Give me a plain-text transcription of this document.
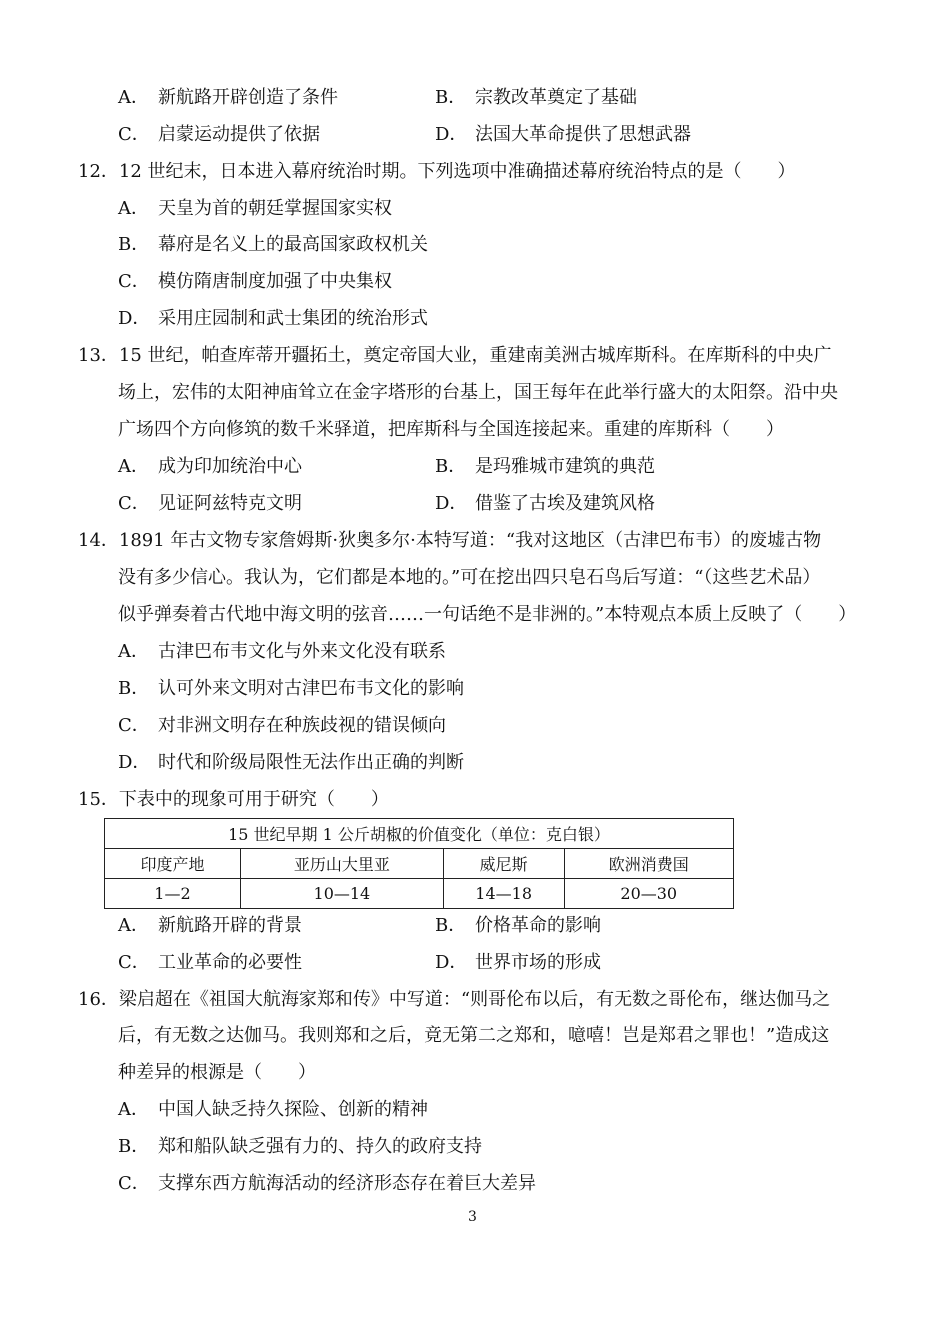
A． 新航路开辟创造了条件	B． 宗教改革奠定了基础
C． 启蒙运动提供了依据	D． 法国大革命提供了思想武器
12．12 世纪末，日本进入幕府统治时期。下列选项中准确描述幕府统治特点的是（　　）
A． 天皇为首的朝廷掌握国家实权
B． 幕府是名义上的最高国家政权机关
C． 模仿隋唐制度加强了中央集权
D． 采用庄园制和武士集团的统治形式
13．15 世纪，帕查库蒂开疆拓土，奠定帝国大业，重建南美洲古城库斯科。在库斯科的中央广
场上，宏伟的太阳神庙耸立在金字塔形的台基上，国王每年在此举行盛大的太阳祭。沿中央
广场四个方向修筑的数千米驿道，把库斯科与全国连接起来。重建的库斯科（　　）
A． 成为印加统治中心	B． 是玛雅城市建筑的典范
C． 见证阿兹特克文明	D． 借鉴了古埃及建筑风格
14．1891 年古文物专家詹姆斯·狄奥多尔·本特写道：“我对这地区（古津巴布韦）的废墟古物
没有多少信心。我认为，它们都是本地的。”可在挖出四只皂石鸟后写道：“（这些艺术品）
似乎弹奏着古代地中海文明的弦音……一句话绝不是非洲的。”本特观点本质上反映了（　　）
A． 古津巴布韦文化与外来文化没有联系
B． 认可外来文明对古津巴布韦文化的影响
C． 对非洲文明存在种族歧视的错误倾向
D． 时代和阶级局限性无法作出正确的判断
15．下表中的现象可用于研究（　　）
15 世纪早期 1 公斤胡椒的价值变化（单位：克白银）			
印度产地	亚历山大里亚	威尼斯	欧洲消费国
1—2	10—14	14—18	20—30
A． 新航路开辟的背景	B． 价格革命的影响
C． 工业革命的必要性	D． 世界市场的形成
16．梁启超在《祖国大航海家郑和传》中写道：“则哥伦布以后，有无数之哥伦布，继达伽马之
后，有无数之达伽马。我则郑和之后，竟无第二之郑和，噫嘻！岂是郑君之罪也！”造成这
种差异的根源是（　　）
A． 中国人缺乏持久探险、创新的精神
B． 郑和船队缺乏强有力的、持久的政府支持
C． 支撑东西方航海活动的经济形态存在着巨大差异
3
